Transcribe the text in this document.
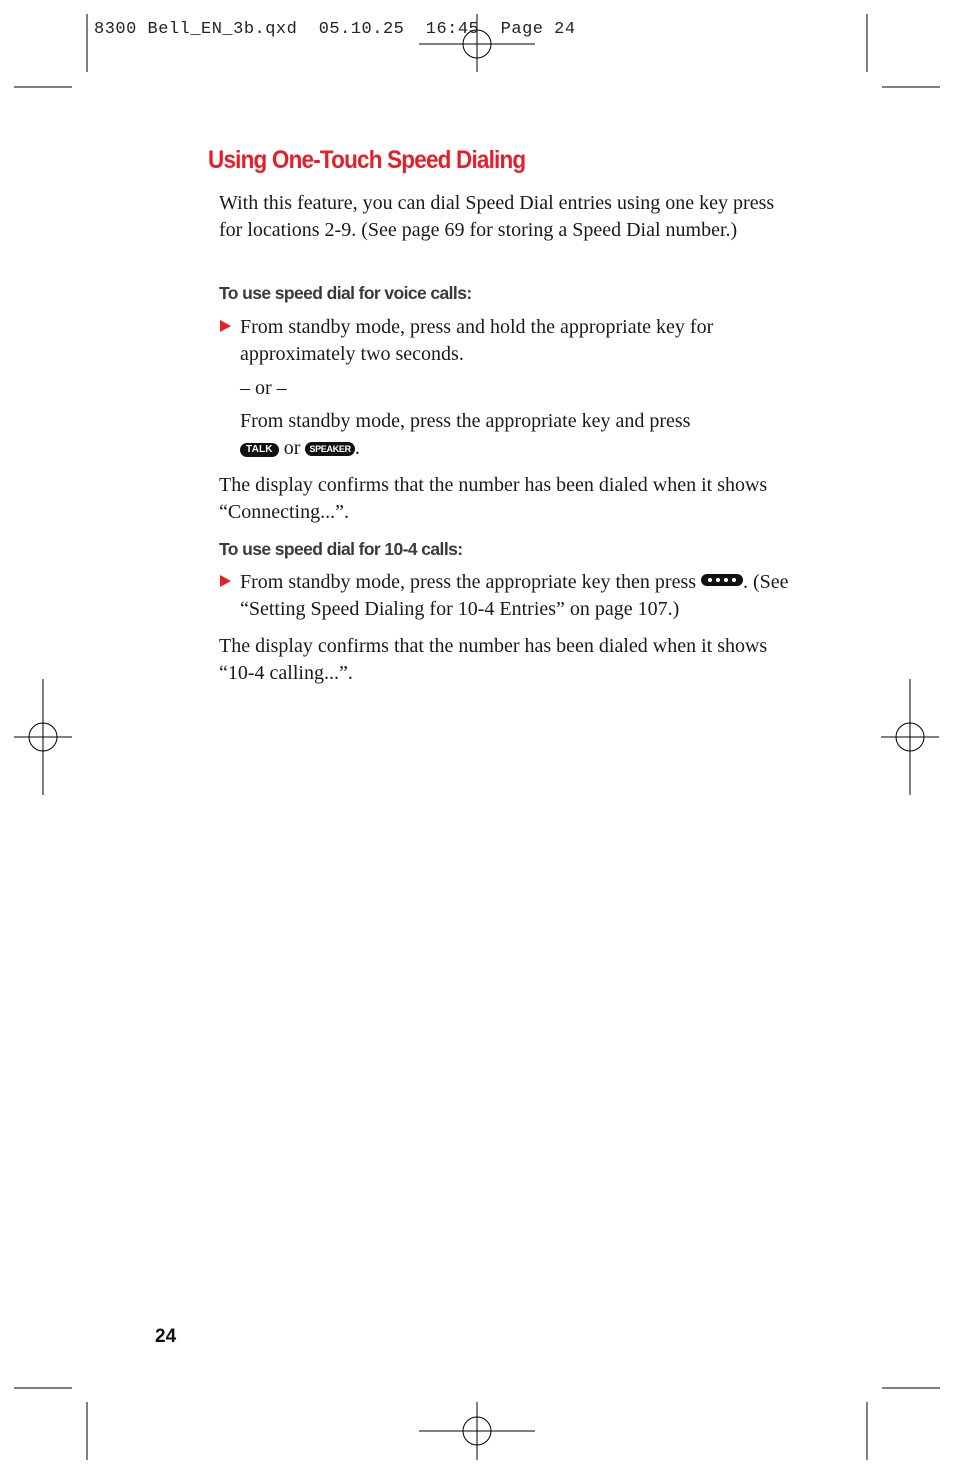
8300 Bell_EN_3b.qxd  05.10.25  16:45  Page 24
Using One-Touch Speed Dialing

With this feature, you can dial Speed Dial entries using one key press for locations 2-9. (See page 69 for storing a Speed Dial number.)

To use speed dial for voice calls:

From standby mode, press and hold the appropriate key for approximately two seconds.

– or –

From standby mode, press the appropriate key and press TALK or SPEAKER .

The display confirms that the number has been dialed when it shows “Connecting...”.

To use speed dial for 10-4 calls:

From standby mode, press the appropriate key then press . (See “Setting Speed Dialing for 10-4 Entries” on page 107.)

The display confirms that the number has been dialed when it shows “10-4 calling...”.

24
